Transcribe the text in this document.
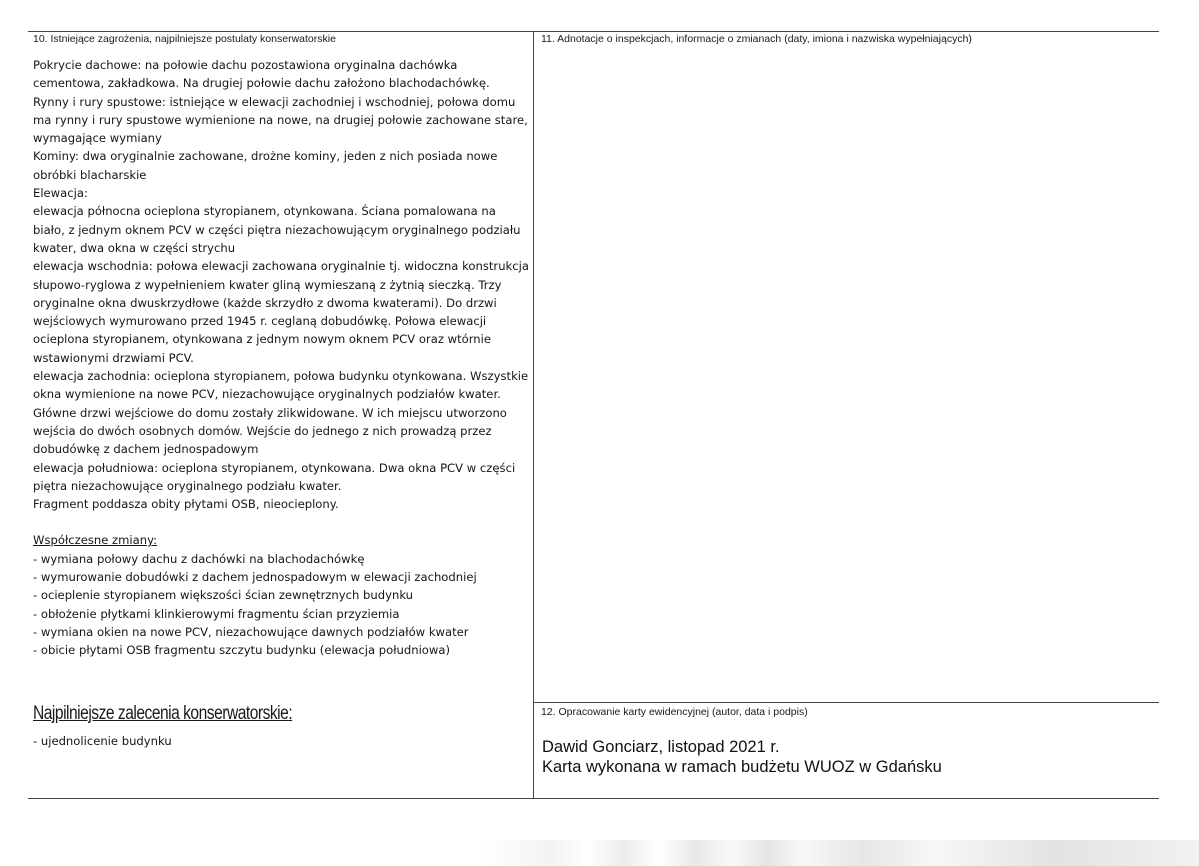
10. Istniejące zagrożenia, najpilniejsze postulaty konserwatorskie

Pokrycie dachowe: na połowie dachu pozostawiona oryginalna dachówka cementowa, zakładkowa. Na drugiej połowie dachu założono blachodachówkę.

Rynny i rury spustowe: istniejące w elewacji zachodniej i wschodniej, połowa domu ma rynny i rury spustowe wymienione na nowe, na drugiej połowie zachowane stare, wymagające wymiany

Kominy: dwa oryginalnie zachowane, drożne kominy, jeden z nich posiada nowe obróbki blacharskie

Elewacja:

elewacja północna ocieplona styropianem, otynkowana. Ściana pomalowana na biało, z jednym oknem PCV w części piętra niezachowującym oryginalnego podziału kwater, dwa okna w części strychu

elewacja wschodnia: połowa elewacji zachowana oryginalnie tj. widoczna konstrukcja słupowo-ryglowa z wypełnieniem kwater gliną wymieszaną z żytnią sieczką. Trzy oryginalne okna dwuskrzydłowe (każde skrzydło z dwoma kwaterami). Do drzwi wejściowych wymurowano przed 1945 r. ceglaną dobudówkę. Połowa elewacji ocieplona styropianem, otynkowana z jednym nowym oknem PCV oraz wtórnie wstawionymi drzwiami PCV.

elewacja zachodnia: ocieplona styropianem, połowa budynku otynkowana. Wszystkie okna wymienione na nowe PCV, niezachowujące oryginalnych podziałów kwater. Główne drzwi wejściowe do domu zostały zlikwidowane. W ich miejscu utworzono wejścia do dwóch osobnych domów. Wejście do jednego z nich prowadzą przez dobudówkę z dachem jednospadowym

elewacja południowa: ocieplona styropianem, otynkowana. Dwa okna PCV w części piętra niezachowujące oryginalnego podziału kwater.

Fragment poddasza obity płytami OSB, nieocieplony.

Współczesne zmiany:

- wymiana połowy dachu z dachówki na blachodachówkę

- wymurowanie dobudówki z dachem jednospadowym w elewacji zachodniej

- ocieplenie styropianem większości ścian zewnętrznych budynku

- obłożenie płytkami klinkierowymi fragmentu ścian przyziemia

- wymiana okien na nowe PCV, niezachowujące dawnych podziałów kwater

- obicie płytami OSB fragmentu szczytu budynku (elewacja południowa)

Najpilniejsze zalecenia konserwatorskie:
- ujednolicenie budynku
11. Adnotacje o inspekcjach, informacje o zmianach (daty, imiona i nazwiska wypełniających)
12. Opracowanie karty ewidencyjnej (autor, data i podpis)

Dawid Gonciarz, listopad 2021 r.

Karta wykonana w ramach budżetu WUOZ w Gdańsku
